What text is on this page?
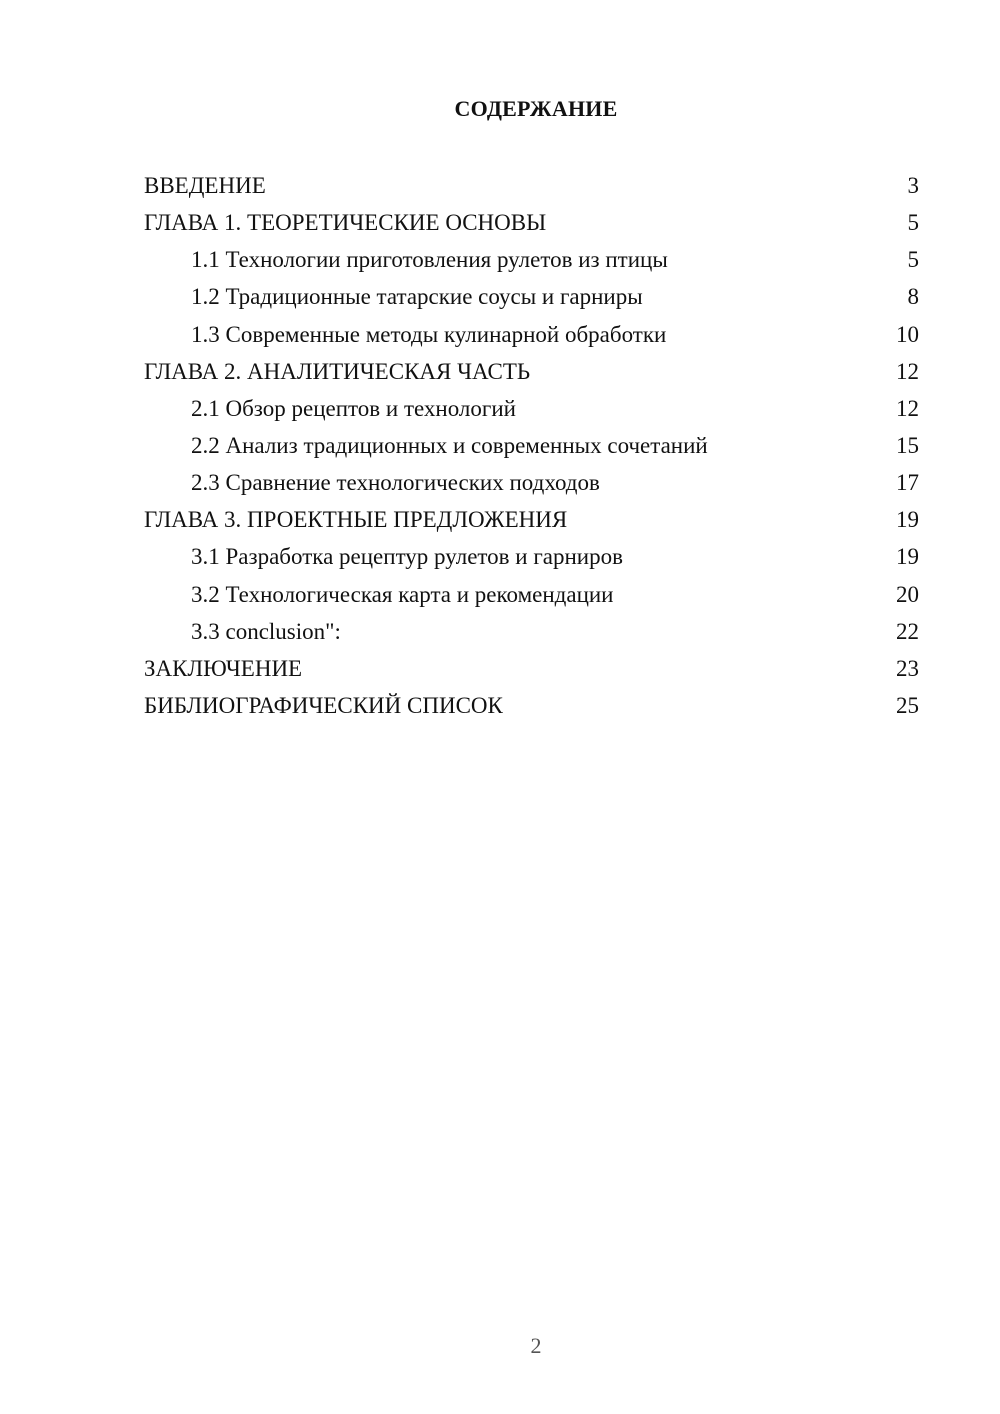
СОДЕРЖАНИЕ
ВВЕДЕНИЕ	3
ГЛАВА 1. ТЕОРЕТИЧЕСКИЕ ОСНОВЫ	5
1.1 Технологии приготовления рулетов из птицы	5
1.2 Традиционные татарские соусы и гарниры	8
1.3 Современные методы кулинарной обработки	10
ГЛАВА 2. АНАЛИТИЧЕСКАЯ ЧАСТЬ	12
2.1 Обзор рецептов и технологий	12
2.2 Анализ традиционных и современных сочетаний	15
2.3 Сравнение технологических подходов	17
ГЛАВА 3. ПРОЕКТНЫЕ ПРЕДЛОЖЕНИЯ	19
3.1 Разработка рецептур рулетов и гарниров	19
3.2 Технологическая карта и рекомендации	20
3.3 conclusion":	22
ЗАКЛЮЧЕНИЕ	23
БИБЛИОГРАФИЧЕСКИЙ СПИСОК	25
2
